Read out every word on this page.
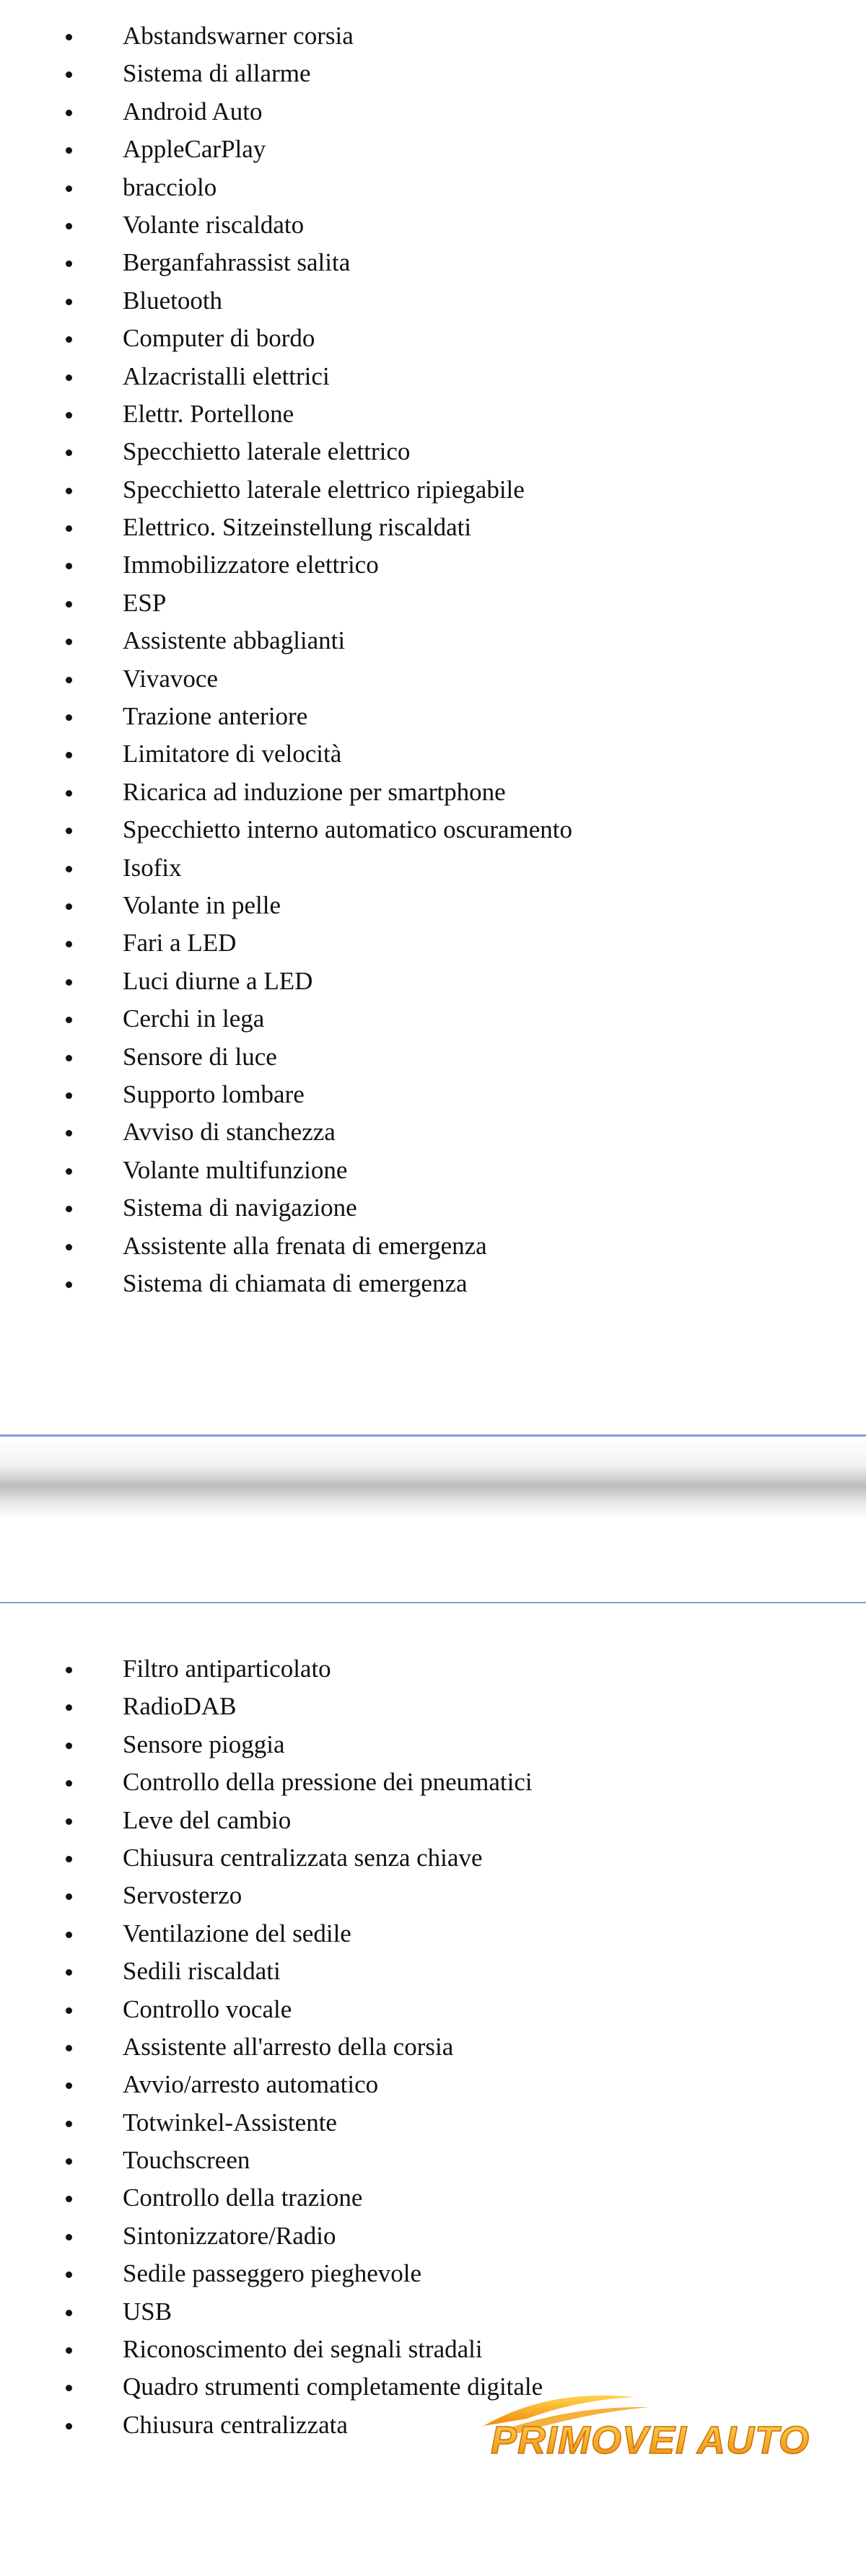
Abstandswarner corsia
Sistema di allarme
Android Auto
AppleCarPlay
bracciolo
Volante riscaldato
Berganfahrassist salita
Bluetooth
Computer di bordo
Alzacristalli elettrici
Elettr. Portellone
Specchietto laterale elettrico
Specchietto laterale elettrico ripiegabile
Elettrico. Sitzeinstellung riscaldati
Immobilizzatore elettrico
ESP
Assistente abbaglianti
Vivavoce
Trazione anteriore
Limitatore di velocità
Ricarica ad induzione per smartphone
Specchietto interno automatico oscuramento
Isofix
Volante in pelle
Fari a LED
Luci diurne a LED
Cerchi in lega
Sensore di luce
Supporto lombare
Avviso di stanchezza
Volante multifunzione
Sistema di navigazione
Assistente alla frenata di emergenza
Sistema di chiamata di emergenza
Filtro antiparticolato
RadioDAB
Sensore pioggia
Controllo della pressione dei pneumatici
Leve del cambio
Chiusura centralizzata senza chiave
Servosterzo
Ventilazione del sedile
Sedili riscaldati
Controllo vocale
Assistente all'arresto della corsia
Avvio/arresto automatico
Totwinkel-Assistente
Touchscreen
Controllo della trazione
Sintonizzatore/Radio
Sedile passeggero pieghevole
USB
Riconoscimento dei segnali stradali
Quadro strumenti completamente digitale
Chiusura centralizzata	PRIMOVEI AUTO
